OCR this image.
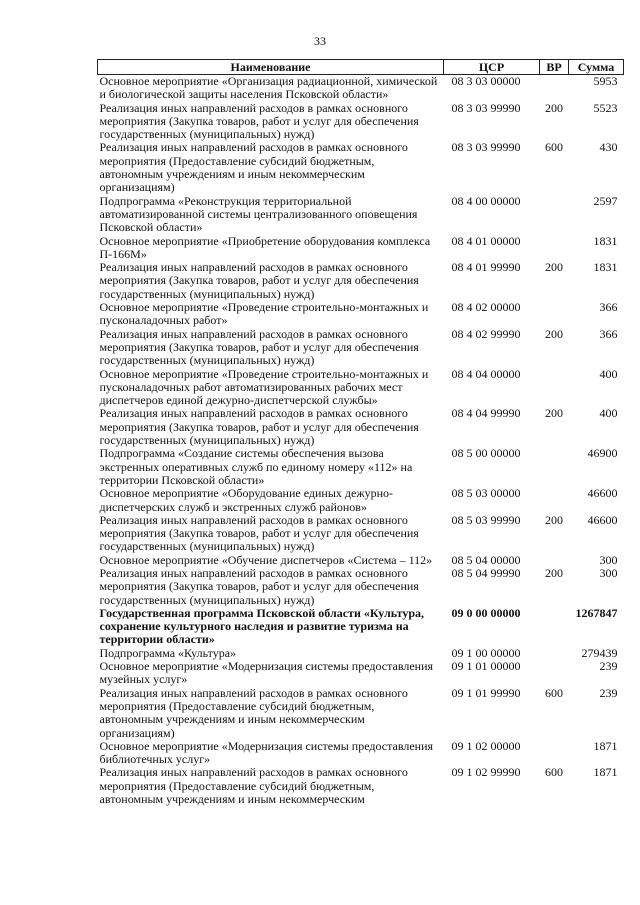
33
Наименование	ЦСР	ВР	Сумма
Основное мероприятие «Организация радиационной, химической и биологической защиты населения Псковской области»	08 3 03 00000		5953
Реализация иных направлений расходов в рамках основного мероприятия (Закупка товаров, работ и услуг для обеспечения государственных (муниципальных) нужд)	08 3 03 99990	200	5523
Реализация иных направлений расходов в рамках основного мероприятия (Предоставление субсидий бюджетным, автономным учреждениям и иным некоммерческим организациям)	08 3 03 99990	600	430
Подпрограмма «Реконструкция территориальной автоматизированной системы централизованного оповещения Псковской области»	08 4 00 00000		2597
Основное мероприятие «Приобретение оборудования комплекса П-166М»	08 4 01 00000		1831
Реализация иных направлений расходов в рамках основного мероприятия (Закупка товаров, работ и услуг для обеспечения государственных (муниципальных) нужд)	08 4 01 99990	200	1831
Основное мероприятие «Проведение строительно-монтажных и пусконаладочных работ»	08 4 02 00000		366
Реализация иных направлений расходов в рамках основного мероприятия (Закупка товаров, работ и услуг для обеспечения государственных (муниципальных) нужд)	08 4 02 99990	200	366
Основное мероприятие «Проведение строительно-монтажных и пусконаладочных работ автоматизированных рабочих мест диспетчеров единой дежурно-диспетчерской службы»	08 4 04 00000		400
Реализация иных направлений расходов в рамках основного мероприятия (Закупка товаров, работ и услуг для обеспечения государственных (муниципальных) нужд)	08 4 04 99990	200	400
Подпрограмма «Создание системы обеспечения вызова экстренных оперативных служб по единому номеру «112» на территории Псковской области»	08 5 00 00000		46900
Основное мероприятие «Оборудование единых дежурно-диспетчерских служб и экстренных служб районов»	08 5 03 00000		46600
Реализация иных направлений расходов в рамках основного мероприятия (Закупка товаров, работ и услуг для обеспечения государственных (муниципальных) нужд)	08 5 03 99990	200	46600
Основное мероприятие «Обучение диспетчеров «Система – 112»	08 5 04 00000		300
Реализация иных направлений расходов в рамках основного мероприятия (Закупка товаров, работ и услуг для обеспечения государственных (муниципальных) нужд)	08 5 04 99990	200	300
Государственная программа Псковской области «Культура, сохранение культурного наследия и развитие туризма на территории области»	09 0 00 00000		1267847
Подпрограмма «Культура»	09 1 00 00000		279439
Основное мероприятие «Модернизация системы предоставления музейных услуг»	09 1 01 00000		239
Реализация иных направлений расходов в рамках основного мероприятия (Предоставление субсидий бюджетным, автономным учреждениям и иным некоммерческим организациям)	09 1 01 99990	600	239
Основное мероприятие «Модернизация системы предоставления библиотечных услуг»	09 1 02 00000		1871
Реализация иных направлений расходов в рамках основного мероприятия (Предоставление субсидий бюджетным, автономным учреждениям и иным некоммерческим	09 1 02 99990	600	1871
